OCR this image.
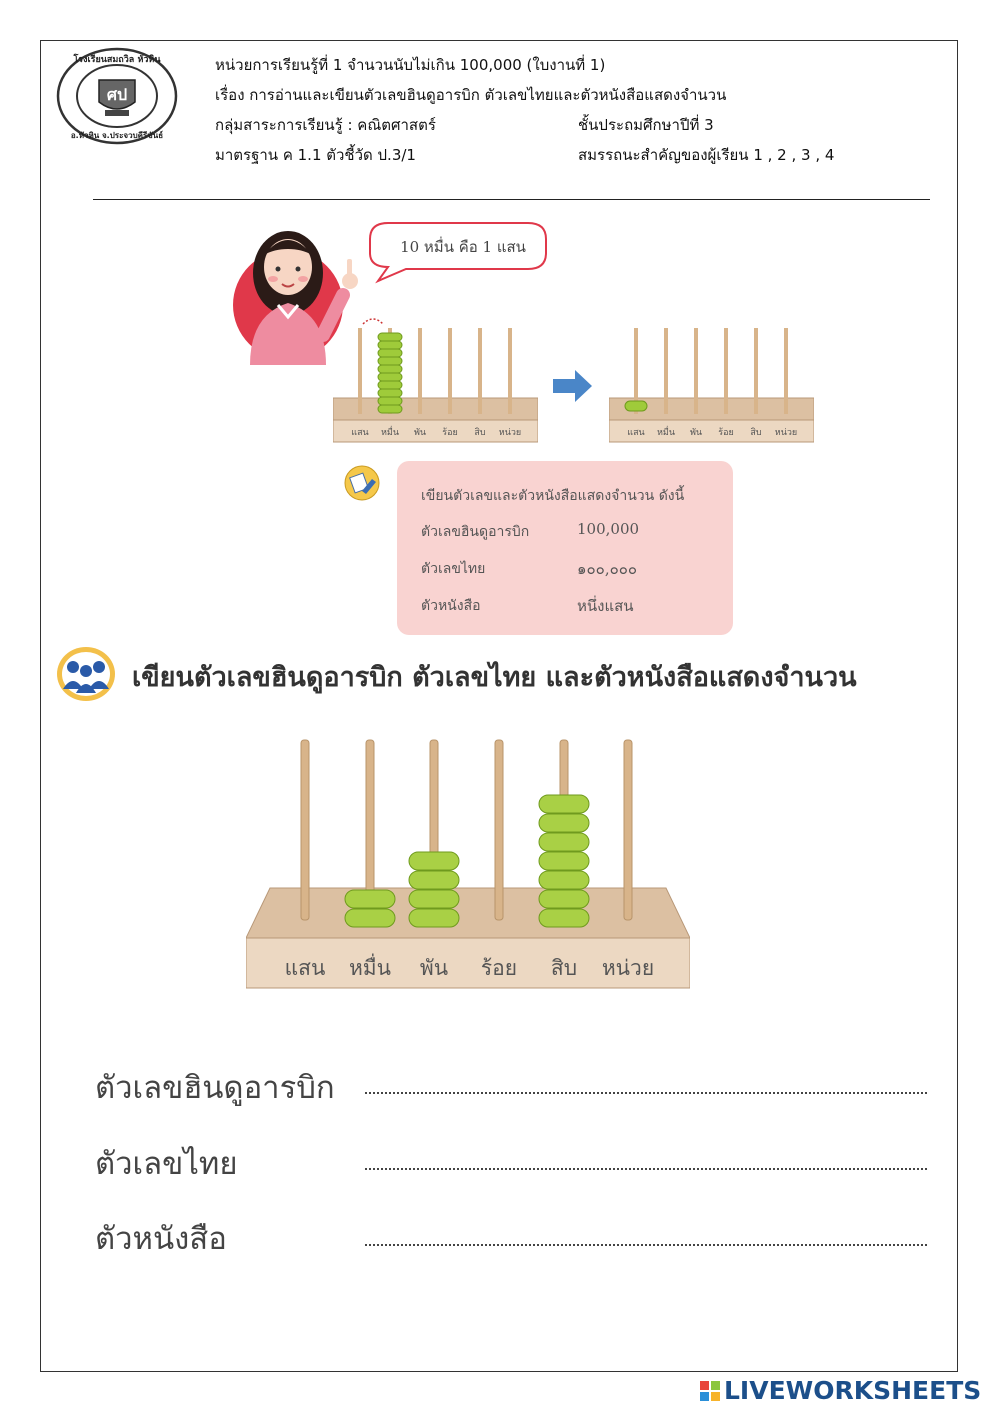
ศป
โรงเรียนสมถวิล หัวหิน
อ.หัวหิน จ.ประจวบคีรีขันธ์
หน่วยการเรียนรู้ที่ 1 จำนวนนับไม่เกิน 100,000 (ใบงานที่ 1)
เรื่อง การอ่านและเขียนตัวเลขฮินดูอารบิก ตัวเลขไทยและตัวหนังสือแสดงจำนวน
กลุ่มสาระการเรียนรู้ : คณิตศาสตร์	ชั้นประถมศึกษาปีที่ 3
มาตรฐาน ค 1.1 ตัวชี้วัด ป.3/1	สมรรถนะสำคัญของผู้เรียน 1 , 2 , 3 , 4
10 หมื่น คือ 1 แสน
แสน หมื่น พัน ร้อย สิบ หน่วย	แสน หมื่น พัน ร้อย สิบ หน่วย
เขียนตัวเลขและตัวหนังสือแสดงจำนวน ดังนี้
ตัวเลขฮินดูอารบิก	100,000
ตัวเลขไทย	๑๐๐,๐๐๐
ตัวหนังสือ	หนึ่งแสน
เขียนตัวเลขฮินดูอารบิก ตัวเลขไทย และตัวหนังสือแสดงจำนวน
แสน หมื่น พัน ร้อย สิบ หน่วย
ตัวเลขฮินดูอารบิก
ตัวเลขไทย
ตัวหนังสือ
LIVEWORKSHEETS
